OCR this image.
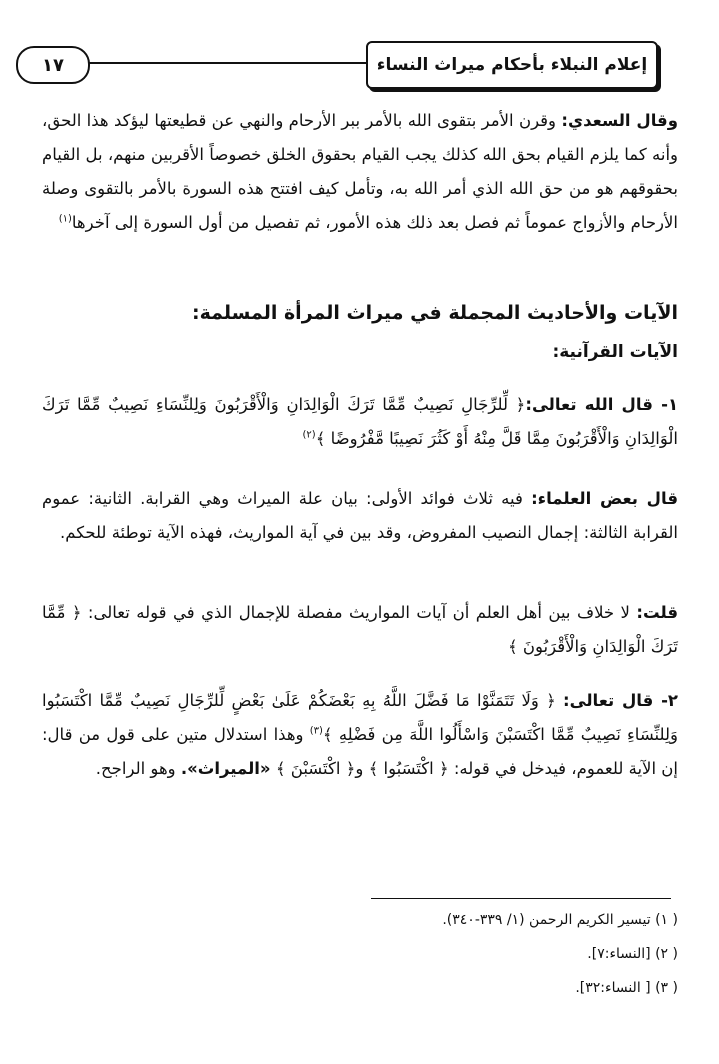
إعلام النبلاء بأحكام ميراث النساء
١٧
وقال السعدي: وقرن الأمر بتقوى الله بالأمر ببر الأرحام والنهي عن قطيعتها ليؤكد هذا الحق، وأنه كما يلزم القيام بحق الله كذلك يجب القيام بحقوق الخلق خصوصاً الأقربين منهم، بل القيام بحقوقهم هو من حق الله الذي أمر الله به، وتأمل كيف افتتح هذه السورة بالأمر بالتقوى وصلة الأرحام والأزواج عموماً ثم فصل بعد ذلك هذه الأمور، ثم تفصيل من أول السورة إلى آخرها$^{(١)}$
الآيات والأحاديث المجملة في ميراث المرأة المسلمة:
الآيات القرآنية:
١- قال الله تعالى:﴿ لِّلرِّجَالِ نَصِيبٌ مِّمَّا تَرَكَ الْوَالِدَانِ وَالْأَقْرَبُونَ وَلِلنِّسَاءِ نَصِيبٌ مِّمَّا تَرَكَ الْوَالِدَانِ وَالْأَقْرَبُونَ مِمَّا قَلَّ مِنْهُ أَوْ كَثُرَ نَصِيبًا مَّفْرُوضًا ﴾$^{(٢)}$
قال بعض العلماء: فيه ثلاث فوائد الأولى: بيان علة الميراث وهي القرابة. الثانية: عموم القرابة الثالثة: إجمال النصيب المفروض، وقد بين في آية المواريث، فهذه الآية توطئة للحكم.
قلت: لا خلاف بين أهل العلم أن آيات المواريث مفصلة للإجمال الذي في قوله تعالى: ﴿ مِّمَّا تَرَكَ الْوَالِدَانِ وَالْأَقْرَبُونَ ﴾
٢- قال تعالى: ﴿ وَلَا تَتَمَنَّوْا مَا فَضَّلَ اللَّهُ بِهِ بَعْضَكُمْ عَلَىٰ بَعْضٍ لِّلرِّجَالِ نَصِيبٌ مِّمَّا اكْتَسَبُوا وَلِلنِّسَاءِ نَصِيبٌ مِّمَّا اكْتَسَبْنَ وَاسْأَلُوا اللَّهَ مِن فَضْلِهِ ﴾$^{(٣)}$ وهذا استدلال متين على قول من قال: إن الآية للعموم، فيدخل في قوله: ﴿ اكْتَسَبُوا ﴾ و﴿ اكْتَسَبْنَ ﴾ «الميراث». وهو الراجح.
( ١) تيسير الكريم الرحمن (١/ ٣٣٩-٣٤٠).
( ٢) [النساء:٧].
( ٣) [ النساء:٣٢].
